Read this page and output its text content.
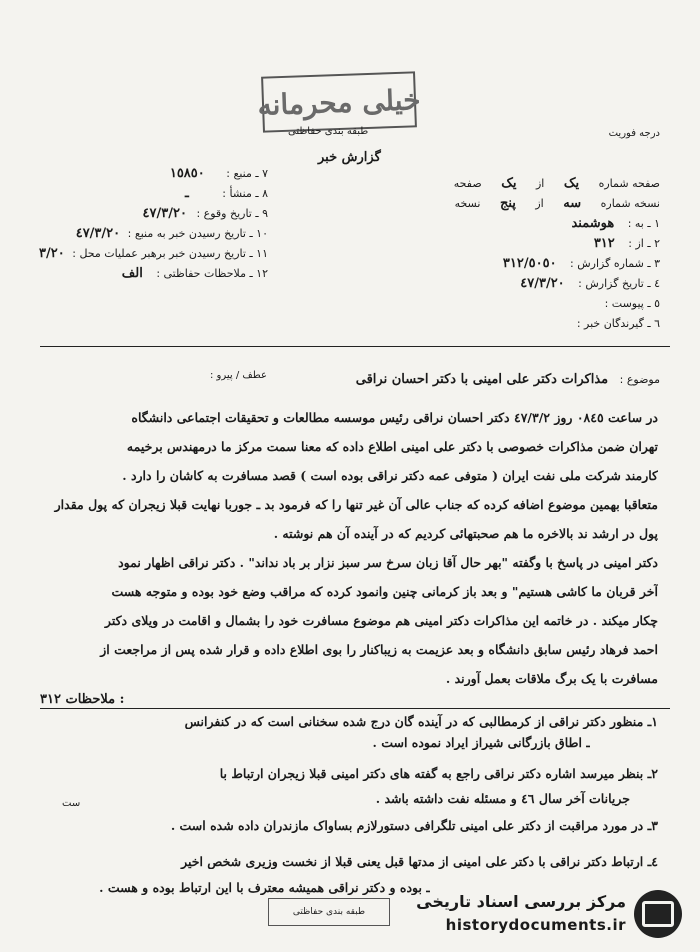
خیلی محرمانه
طبقه بندی حفاظتی	درجه فوریت
گزارش خبر
٧ ـ منبع : ١٥٨٥٠
٨ ـ منشأ : ـ
٩ ـ تاریخ وقوع : ٤٧/٣/٢٠
١٠ ـ تاریخ رسیدن خبر به منبع : ٤٧/٣/٢٠
١١ ـ تاریخ رسیدن خبر برهبر عملیات محل : ٣/٢٠
١٢ ـ ملاحظات حفاظتی : الف
صفحه شماره یک از یک صفحه
نسخه شماره سه از پنج نسخه
١ ـ به : هوشمند
٢ ـ از : ٣١٢
٣ ـ شماره گزارش : ٣١٢/٥٠٥٠
٤ ـ تاریخ گزارش : ٤٧/٣/٢٠
٥ ـ پیوست :
٦ ـ گیرندگان خبر :
موضوع : مذاکرات دکتر علی امینی با دکتر احسان نراقی
عطف / پیرو :
در ساعت ٠٨٤٥ روز ٤٧/٣/٢ دکتر احسان نراقی رئیس موسسه مطالعات و تحقیقات اجتماعی دانشگاه
تهران ضمن مذاکرات خصوصی با دکتر علی امینی اطلاع داده که معنا سمت مرکز ما درمهندس برخیمه
کارمند شرکت ملی نفت ایران ( متوفی عمه دکتر نراقی بوده است ) قصد مسافرت به کاشان را دارد .
متعاقبا بهمین موضوع اضافه کرده که جناب عالی آن غیر تنها را که فرمود بد ـ جوربا نهایت قبلا زیجران که پول مقدار
پول در ارشد ند بالاخره ما هم صحبتهائی کردیم که در آینده آن هم نوشته .
دکتر امینی در پاسخ با وگفته "بهر حال آقا زبان سرخ سر سبز نزار بر باد نداند" . دکتر نراقی اظهار نمود
آخر قربان ما کاشی هستیم" و بعد باز کرمانی چنین وانمود کرده که مراقب وضع خود بوده و متوجه هست
چکار میکند . در خاتمه این مذاکرات دکتر امینی هم موضوع مسافرت خود را بشمال و اقامت در ویلای دکتر
احمد فرهاد رئیس سابق دانشگاه و بعد عزیمت به زیباکنار را بوی اطلاع داده و قرار شده پس از مراجعت از
مسافرت با یک برگ ملاقات بعمل آورند .
ملاحظات ٣١٢ :
١ـ منظور دکتر نراقی از کرمطالبی که در آینده گان درج شده سخنانی است که در کنفرانس
ـ اطاق بازرگانی شیراز ایراد نموده است .
٢ـ بنظر میرسد اشاره دکتر نراقی راجع به گفته های دکتر امینی قبلا زیجران ارتباط با
جریانات آخر سال ٤٦ و مسئله نفت داشته باشد .
٣ـ در مورد مراقبت از دکتر علی امینی تلگرافی دستورلازم بساواک مازندران داده شده است .
٤ـ ارتباط دکتر نراقی با دکتر علی امینی از مدتها قبل یعنی قبلا از نخست وزیری شخص اخیر
ـ بوده و دکتر نراقی همیشه معترف با این ارتباط بوده و هست .
ست
طبقه بندی حفاظتی
مرکز بررسی اسناد تاریخی
historydocuments.ir
